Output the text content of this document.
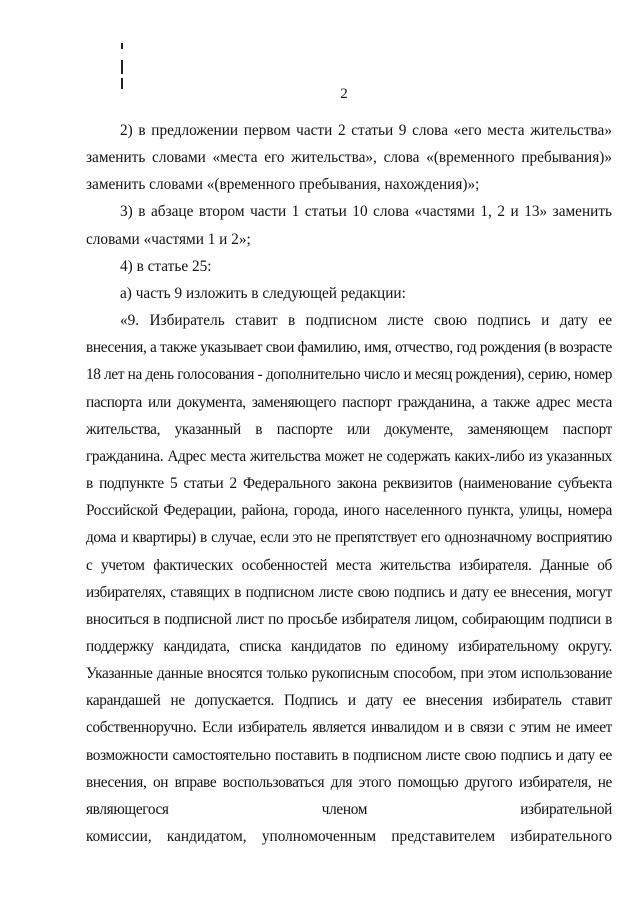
2

2) в предложении первом части 2 статьи 9 слова «его места жительства» заменить словами «места его жительства», слова «(временного пребывания)» заменить словами «(временного пребывания, нахождения)»;

3) в абзаце втором части 1 статьи 10 слова «частями 1, 2 и 13» заменить словами «частями 1 и 2»;

4) в статье 25:

а) часть 9 изложить в следующей редакции:

«9. Избиратель ставит в подписном листе свою подпись и дату ее

внесения, а также указывает свои фамилию, имя, отчество, год рождения (в возрасте 18 лет на день голосования - дополнительно число и месяц рождения), серию, номер паспорта или документа, заменяющего паспорт гражданина, а также адрес места жительства, указанный в паспорте или документе, заменяющем паспорт гражданина. Адрес места жительства может не содержать каких-либо из указанных в подпункте 5 статьи 2 Федерального закона реквизитов (наименование субъекта Российской Федерации, района, города, иного населенного пункта, улицы, номера дома и квартиры) в случае, если это не препятствует его однозначному восприятию с учетом фактических особенностей места жительства избирателя. Данные об избирателях, ставящих в подписном листе свою подпись и дату ее внесения, могут вноситься в подписной лист по просьбе избирателя лицом, собирающим подписи в поддержку кандидата, списка кандидатов по единому избирательному округу. Указанные данные вносятся только рукописным способом, при этом использование карандашей не допускается. Подпись и дату ее внесения избиратель ставит собственноручно. Если избиратель является инвалидом и в связи с этим не имеет возможности самостоятельно поставить в подписном листе свою подпись и дату ее внесения, он вправе воспользоваться для этого помощью другого избирателя, не являющегося членом избирательной

комиссии, кандидатом, уполномоченным представителем избирательного
